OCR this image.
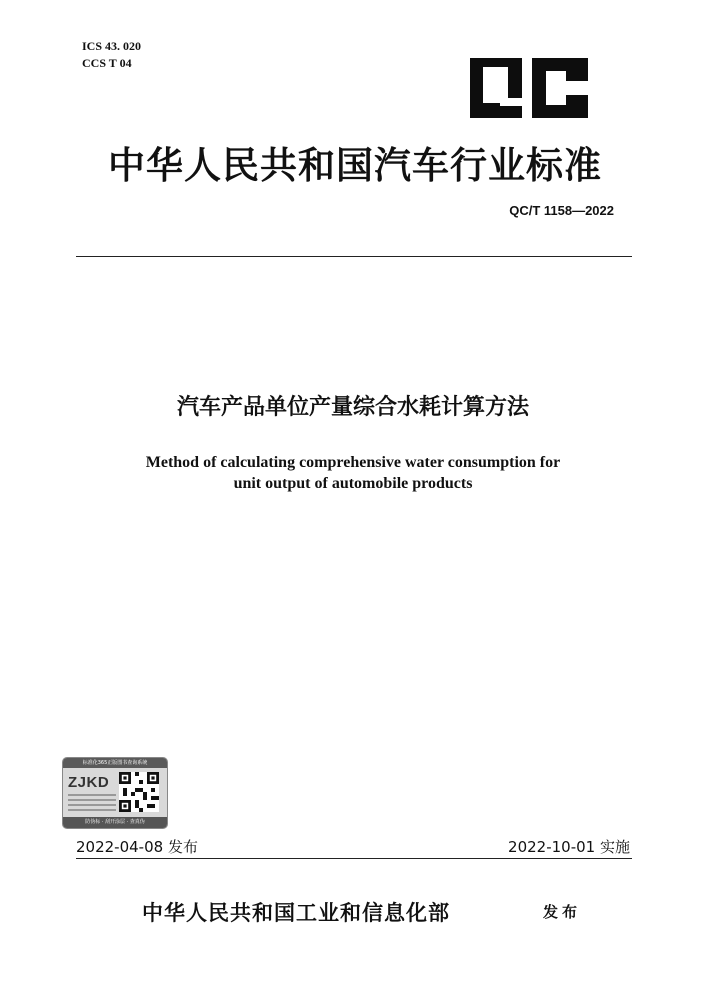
ICS 43. 020
CCS T 04
中华人民共和国汽车行业标准
QC/T 1158—2022
汽车产品单位产量综合水耗计算方法
Method of calculating comprehensive water consumption for
unit output of automobile products
标准化365正版图书查询系统
ZJKD
防伪标 · 刮开涂层 · 查真伪
2022-04-08 发布	2022-10-01 实施
中华人民共和国工业和信息化部	发布
